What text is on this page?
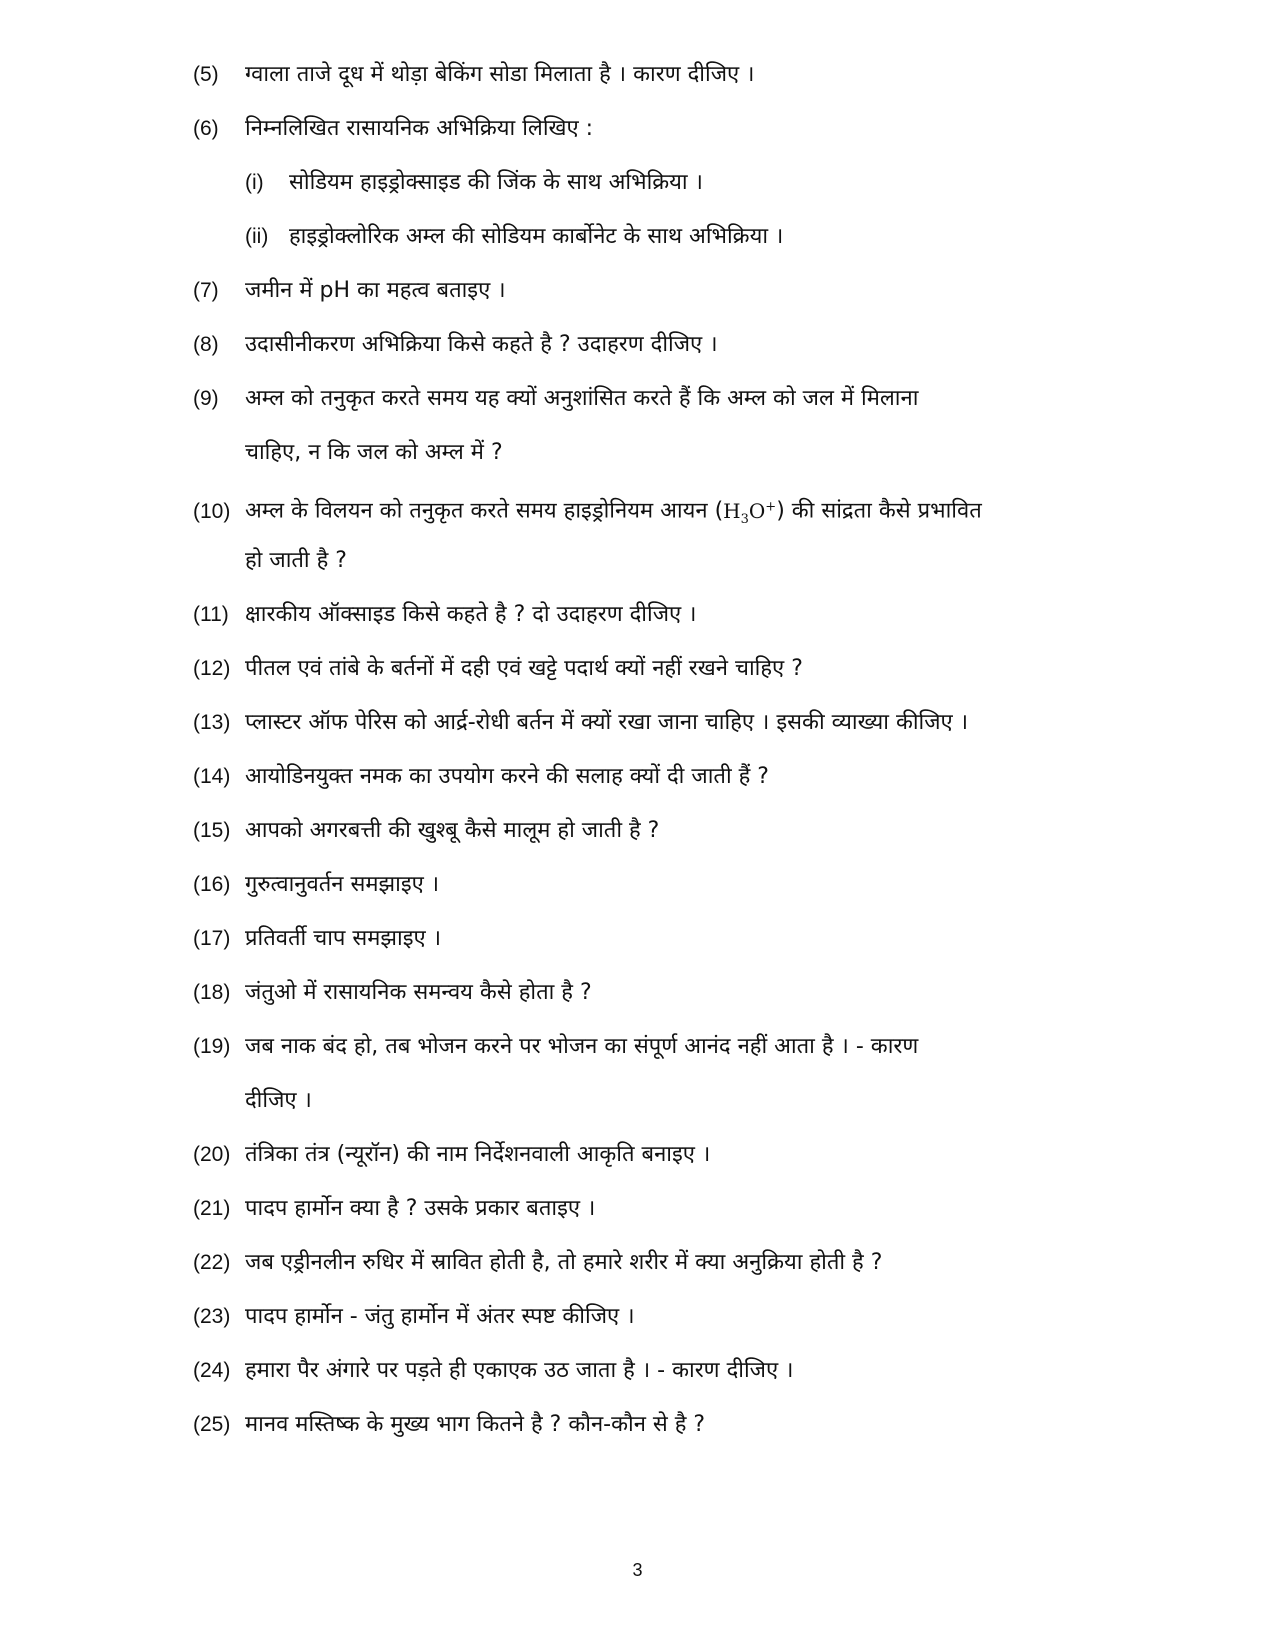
(5) ग्वाला ताजे दूध में थोड़ा बेकिंग सोडा मिलाता है । कारण दीजिए ।
(6) निम्नलिखित रासायनिक अभिक्रिया लिखिए :
(i) सोडियम हाइड्रोक्साइड की जिंक के साथ अभिक्रिया ।
(ii) हाइड्रोक्लोरिक अम्ल की सोडियम कार्बोनेट के साथ अभिक्रिया ।
(7) जमीन में pH का महत्व बताइए ।
(8) उदासीनीकरण अभिक्रिया किसे कहते है ? उदाहरण दीजिए ।
(9) अम्ल को तनुकृत करते समय यह क्यों अनुशांसित करते हैं कि अम्ल को जल में मिलाना
चाहिए, न कि जल को अम्ल में ?
(10) अम्ल के विलयन को तनुकृत करते समय हाइड्रोनियम आयन $(H_3O^+)$ की सांद्रता कैसे प्रभावित
हो जाती है ?
(11) क्षारकीय ऑक्साइड किसे कहते है ? दो उदाहरण दीजिए ।
(12) पीतल एवं तांबे के बर्तनों में दही एवं खट्टे पदार्थ क्यों नहीं रखने चाहिए ?
(13) प्लास्टर ऑफ पेरिस को आर्द्र-रोधी बर्तन में क्यों रखा जाना चाहिए । इसकी व्याख्या कीजिए ।
(14) आयोडिनयुक्त नमक का उपयोग करने की सलाह क्यों दी जाती हैं ?
(15) आपको अगरबत्ती की खुश्बू कैसे मालूम हो जाती है ?
(16) गुरुत्वानुवर्तन समझाइए ।
(17) प्रतिवर्ती चाप समझाइए ।
(18) जंतुओ में रासायनिक समन्वय कैसे होता है ?
(19) जब नाक बंद हो, तब भोजन करने पर भोजन का संपूर्ण आनंद नहीं आता है । - कारण
दीजिए ।
(20) तंत्रिका तंत्र (न्यूरॉन) की नाम निर्देशनवाली आकृति बनाइए ।
(21) पादप हार्मोन क्या है ? उसके प्रकार बताइए ।
(22) जब एड्रीनलीन रुधिर में स्रावित होती है, तो हमारे शरीर में क्या अनुक्रिया होती है ?
(23) पादप हार्मोन - जंतु हार्मोन में अंतर स्पष्ट कीजिए ।
(24) हमारा पैर अंगारे पर पड़ते ही एकाएक उठ जाता है । - कारण दीजिए ।
(25) मानव मस्तिष्क के मुख्य भाग कितने है ? कौन-कौन से है ?
3
